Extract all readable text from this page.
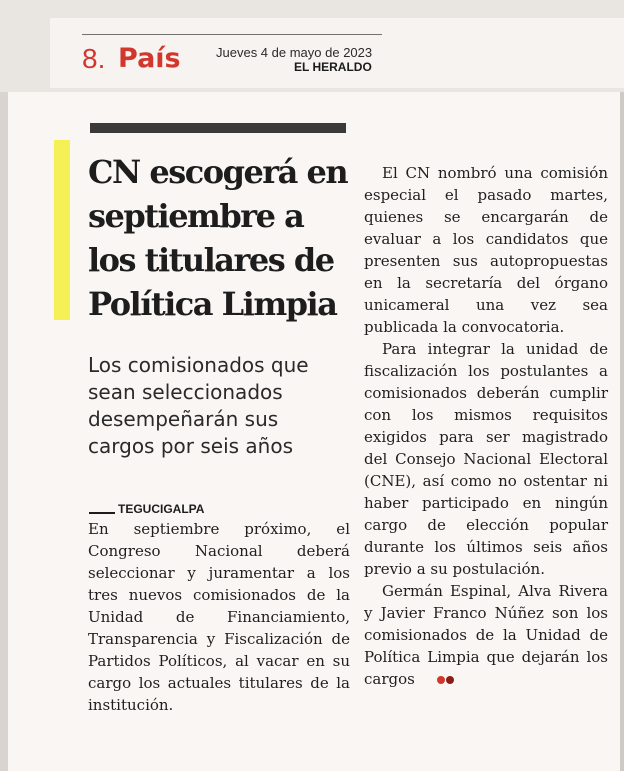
8. País	Jueves 4 de mayo de 2023
EL HERALDO
CN escogerá en
septiembre a
los titulares de
Política Limpia
Los comisionados que sean seleccionados desempeñarán sus cargos por seis años
TEGUCIGALPA

En septiembre próximo, el Congreso Nacional deberá seleccionar y juramentar a los tres nuevos comisionados de la Unidad de Financiamiento, Transparencia y Fiscalización de Partidos Políticos, al vacar en su cargo los actuales titulares de la institución.

El CN nombró una comisión especial el pasado martes, quienes se encargarán de evaluar a los candidatos que presenten sus autopropuestas en la secretaría del órgano unicameral una vez sea publicada la convocatoria.

Para integrar la unidad de fiscalización los postulantes a comisionados deberán cumplir con los mismos requisitos exigidos para ser magistrado del Consejo Nacional Electoral (CNE), así como no ostentar ni haber participado en ningún cargo de elección popular durante los últimos seis años previo a su postulación.

Germán Espinal, Alva Rivera y Javier Franco Núñez son los comisionados de la Unidad de Política Limpia que dejarán los cargos
